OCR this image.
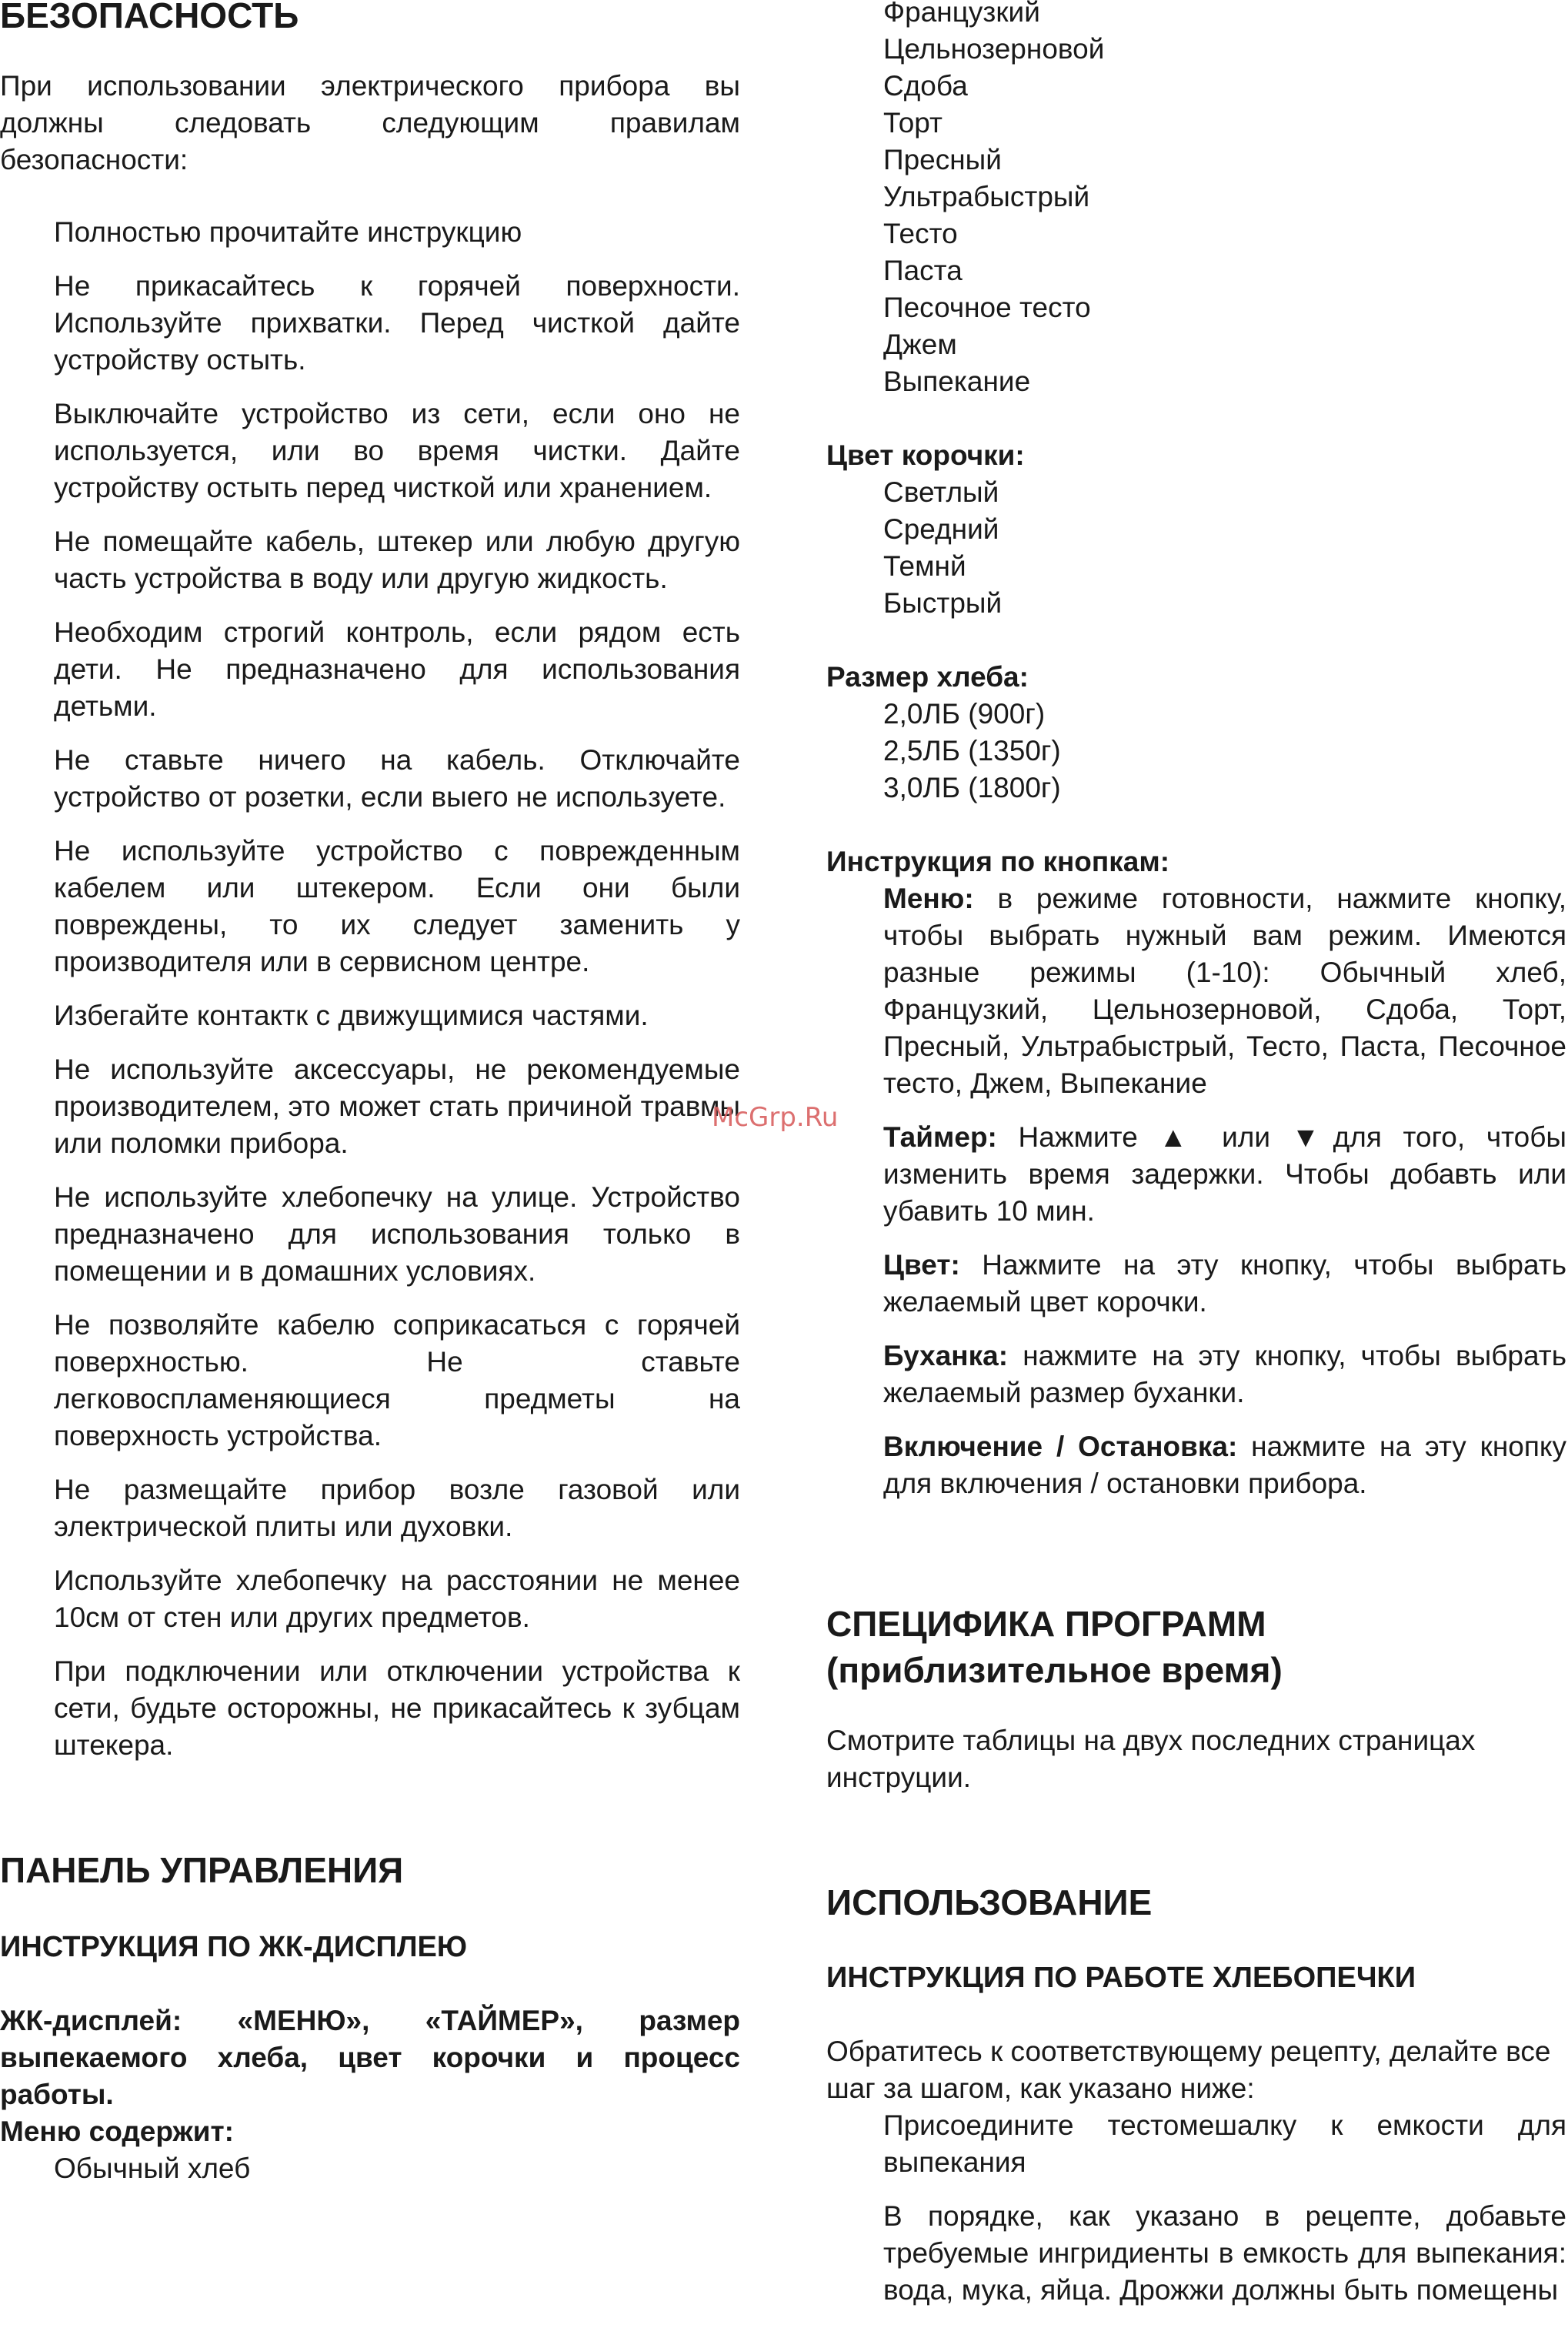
БЕЗОПАСНОСТЬ

При использовании электрического прибора вы должны следовать следующим правилам безопасности:

Полностью прочитайте инструкцию

Не прикасайтесь к горячей поверхности. Используйте прихватки. Перед чисткой дайте устройству остыть.

Выключайте устройство из сети, если оно не используется, или во время чистки. Дайте устройству остыть перед чисткой или хранением.

Не помещайте кабель, штекер или любую другую часть устройства в воду или другую жидкость.

Необходим строгий контроль, если рядом есть дети. Не предназначено для использования детьми.

Не ставьте ничего на кабель. Отключайте устройство от розетки, если выего не используете.

Не используйте устройство с поврежденным кабелем или штекером. Если они были повреждены, то их следует заменить у производителя или в сервисном центре.

Избегайте контактк с движущимися частями.

Не используйте аксессуары, не рекомендуемые производителем, это может стать причиной травмы или поломки прибора.

Не используйте хлебопечку на улице. Устройство предназначено для использования только в помещении и в домашних условиях.

Не позволяйте кабелю соприкасаться с горячей поверхностью. Не ставьте легковоспламеняющиеся предметы на поверхность устройства.

Не размещайте прибор возле газовой или электрической плиты или духовки.

Используйте хлебопечку на расстоянии не менее 10см от стен или других предметов.

При подключении или отключении устройства к сети, будьте осторожны, не прикасайтесь к зубцам штекера.

ПАНЕЛЬ УПРАВЛЕНИЯ
ИНСТРУКЦИЯ ПО ЖК-ДИСПЛЕЮ

ЖК-дисплей: «МЕНЮ», «ТАЙМЕР», размер выпекаемого хлеба, цвет корочки и процесс работы.

Меню содержит:

Обычный хлеб

Французкий

Цельнозерновой

Сдоба

Торт

Пресный

Ультрабыстрый

Тесто

Паста

Песочное тесто

Джем

Выпекание

Цвет корочки:

Светлый

Средний

Темнй

Быстрый

Размер хлеба:

2,0ЛБ (900г)

2,5ЛБ (1350г)

3,0ЛБ (1800г)

Инструкция по кнопкам:

Меню: в режиме готовности, нажмите кнопку, чтобы выбрать нужный вам режим. Имеются разные режимы (1-10): Обычный хлеб, Французкий, Цельнозерновой, Сдоба, Торт, Пресный, Ультрабыстрый, Тесто, Паста, Песочное тесто, Джем, Выпекание

Таймер: Нажмите ▲ или ▼для того, чтобы изменить время задержки. Чтобы добавть или убавить 10 мин.

Цвет: Нажмите на эту кнопку, чтобы выбрать желаемый цвет корочки.

Буханка: нажмите на эту кнопку, чтобы выбрать желаемый размер буханки.

Включение / Остановка: нажмите на эту кнопку для включения / остановки прибора.

СПЕЦИФИКА ПРОГРАММ
(приблизительное время)

Смотрите таблицы на двух последних страницах инструции.

ИСПОЛЬЗОВАНИЕ
ИНСТРУКЦИЯ ПО РАБОТЕ ХЛЕБОПЕЧКИ

Обратитесь к соответствующему рецепту, делайте все шаг за шагом, как указано ниже:

Присоедините тестомешалку к емкости для выпекания

В порядке, как указано в рецепте, добавьте требуемые ингридиенты в емкость для выпекания: вода, мука, яйца. Дрожжи должны быть помещены

McGrp.Ru
